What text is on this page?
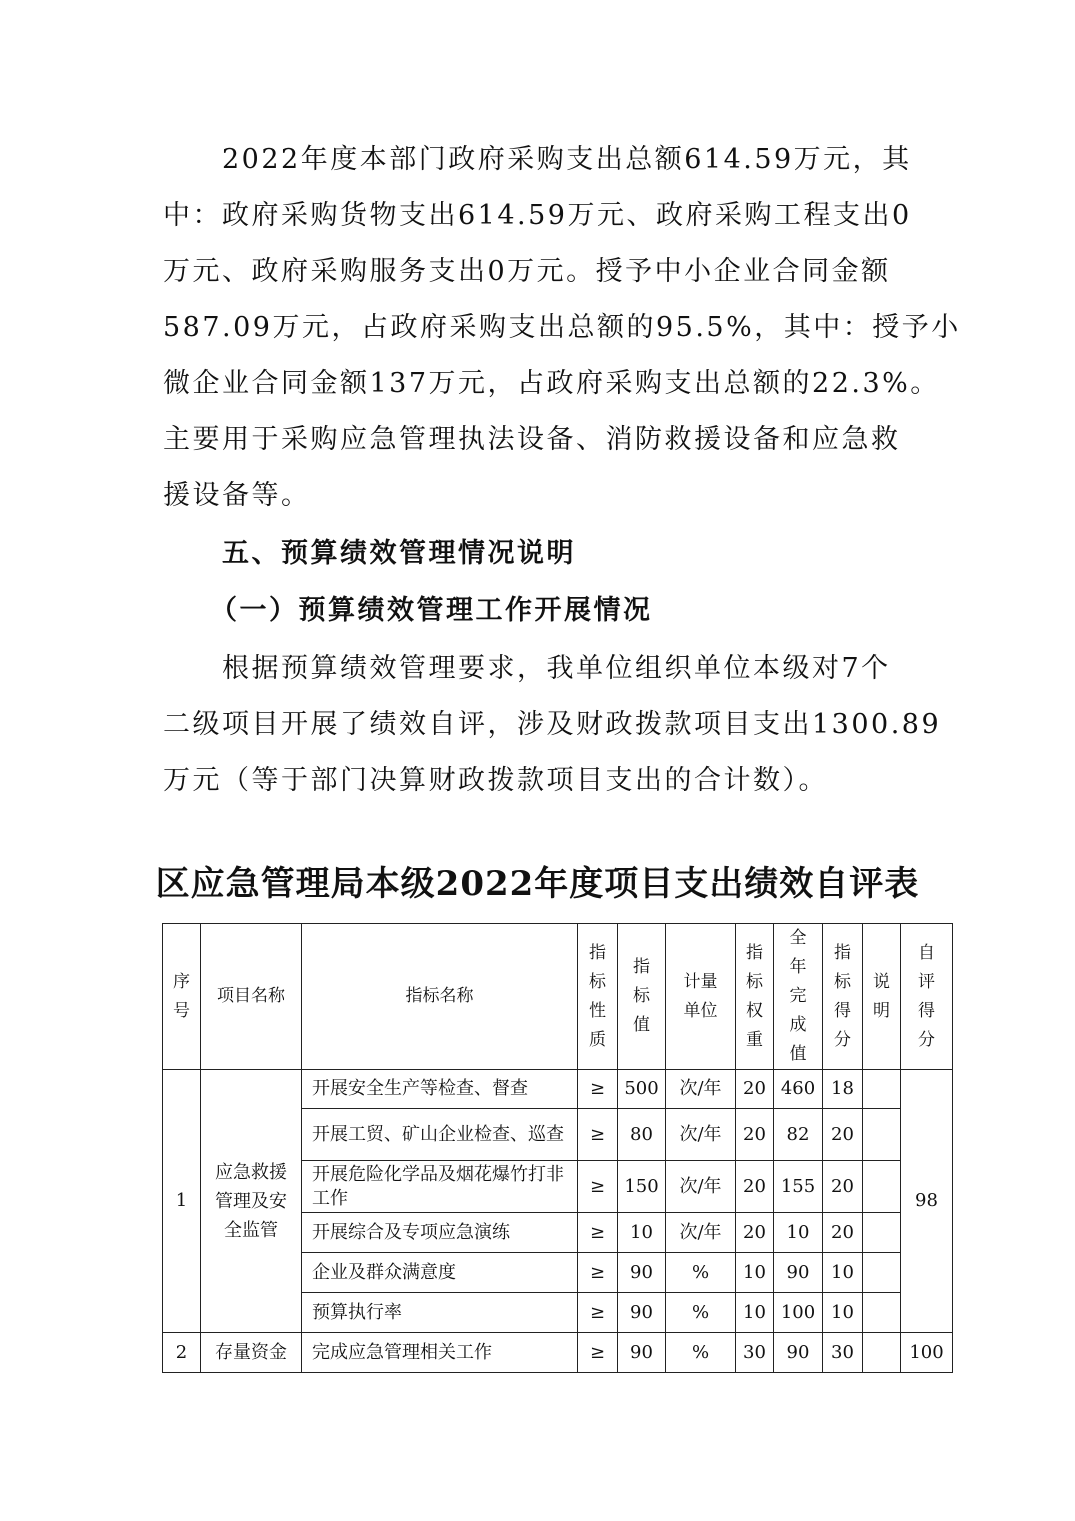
　　2022年度本部门政府采购支出总额614.59万元，其
中：政府采购货物支出614.59万元、政府采购工程支出0
万元、政府采购服务支出0万元。授予中小企业合同金额
587.09万元，占政府采购支出总额的95.5%，其中：授予小
微企业合同金额137万元，占政府采购支出总额的22.3%。
主要用于采购应急管理执法设备、消防救援设备和应急救
援设备等。
五、预算绩效管理情况说明
（一）预算绩效管理工作开展情况
　　根据预算绩效管理要求，我单位组织单位本级对7个
二级项目开展了绩效自评，涉及财政拨款项目支出1300.89
万元（等于部门决算财政拨款项目支出的合计数）。
区应急管理局本级2022年度项目支出绩效自评表
序号	项目名称	指标名称	指标性质	指标值	计量单位	指标权重	全年完成值	指标得分	说明	自评得分

1	应急救援管理及安全监管	开展安全生产等检查、督查	≥	500	次/年	20	460	18		98
		开展工贸、矿山企业检查、巡查	≥	80	次/年	20	82	20		
		开展危险化学品及烟花爆竹打非工作	≥	150	次/年	20	155	20		
		开展综合及专项应急演练	≥	10	次/年	20	10	20		
		企业及群众满意度	≥	90	%	10	90	10		
		预算执行率	≥	90	%	10	100	10		
2	存量资金	完成应急管理相关工作	≥	90	%	30	90	30		100
